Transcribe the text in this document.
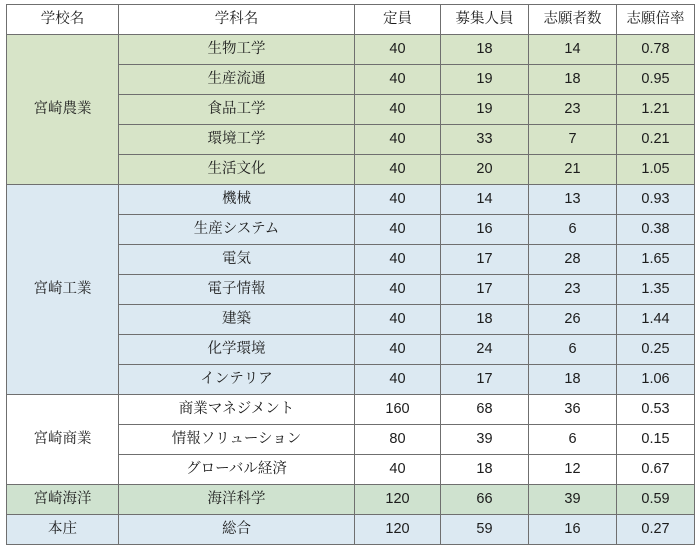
学校名	学科名	定員	募集人員	志願者数	志願倍率
宮崎農業	生物工学	40	18	14	0.78
	生産流通	40	19	18	0.95
	食品工学	40	19	23	1.21
	環境工学	40	33	7	0.21
	生活文化	40	20	21	1.05
宮崎工業	機械	40	14	13	0.93
	生産システム	40	16	6	0.38
	電気	40	17	28	1.65
	電子情報	40	17	23	1.35
	建築	40	18	26	1.44
	化学環境	40	24	6	0.25
	インテリア	40	17	18	1.06
宮崎商業	商業マネジメント	160	68	36	0.53
	情報ソリューション	80	39	6	0.15
	グローバル経済	40	18	12	0.67
宮崎海洋	海洋科学	120	66	39	0.59
本庄	総合	120	59	16	0.27
